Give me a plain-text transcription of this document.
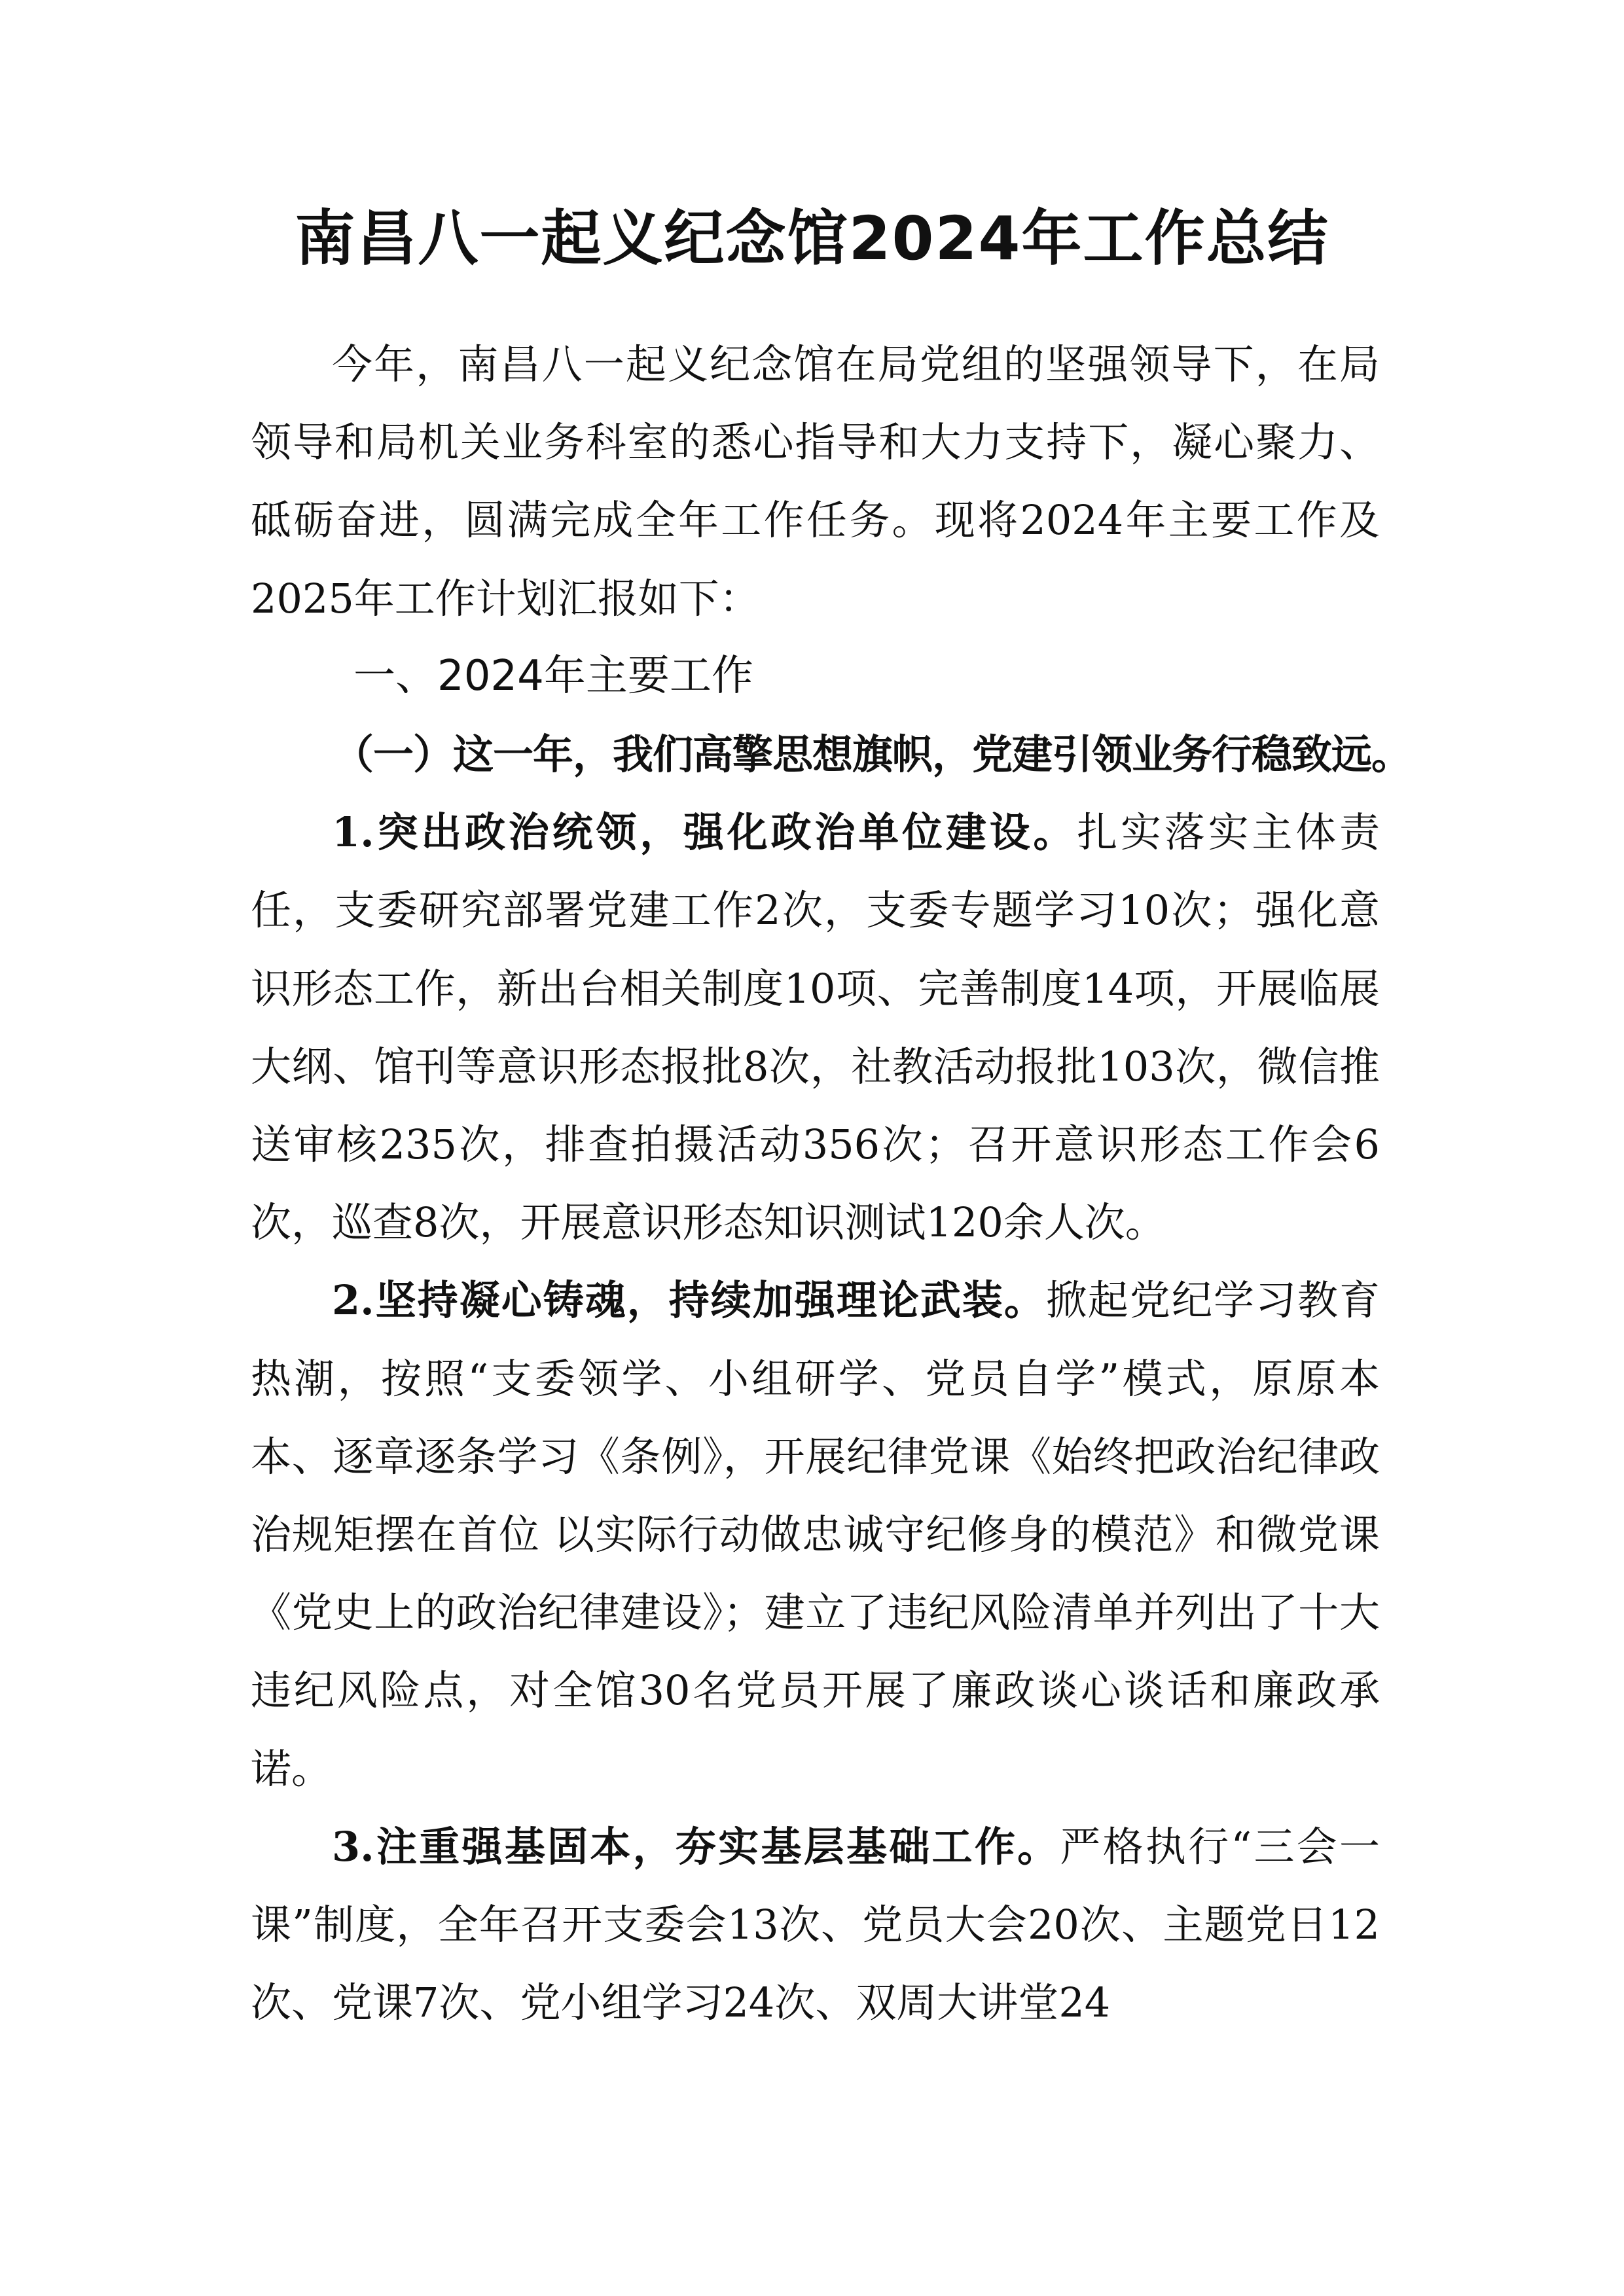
南昌八一起义纪念馆2024年工作总结

今年，南昌八一起义纪念馆在局党组的坚强领导下，在局领导和局机关业务科室的悉心指导和大力支持下，凝心聚力、砥砺奋进，圆满完成全年工作任务。现将2024年主要工作及2025年工作计划汇报如下：

一、2024年主要工作
（一）这一年，我们高擎思想旗帜，党建引领业务行稳致远。

1.突出政治统领，强化政治单位建设。扎实落实主体责任，支委研究部署党建工作2次，支委专题学习10次；强化意识形态工作，新出台相关制度10项、完善制度14项，开展临展大纲、馆刊等意识形态报批8次，社教活动报批103次，微信推送审核235次，排查拍摄活动356次；召开意识形态工作会6次，巡查8次，开展意识形态知识测试120余人次。

2.坚持凝心铸魂，持续加强理论武装。掀起党纪学习教育热潮，按照“支委领学、小组研学、党员自学”模式，原原本本、逐章逐条学习《条例》，开展纪律党课《始终把政治纪律政治规矩摆在首位 以实际行动做忠诚守纪修身的模范》和微党课《党史上的政治纪律建设》；建立了违纪风险清单并列出了十大违纪风险点，对全馆30名党员开展了廉政谈心谈话和廉政承诺。

3.注重强基固本，夯实基层基础工作。严格执行“三会一课”制度，全年召开支委会13次、党员大会20次、主题党日12次、党课7次、党小组学习24次、双周大讲堂24
